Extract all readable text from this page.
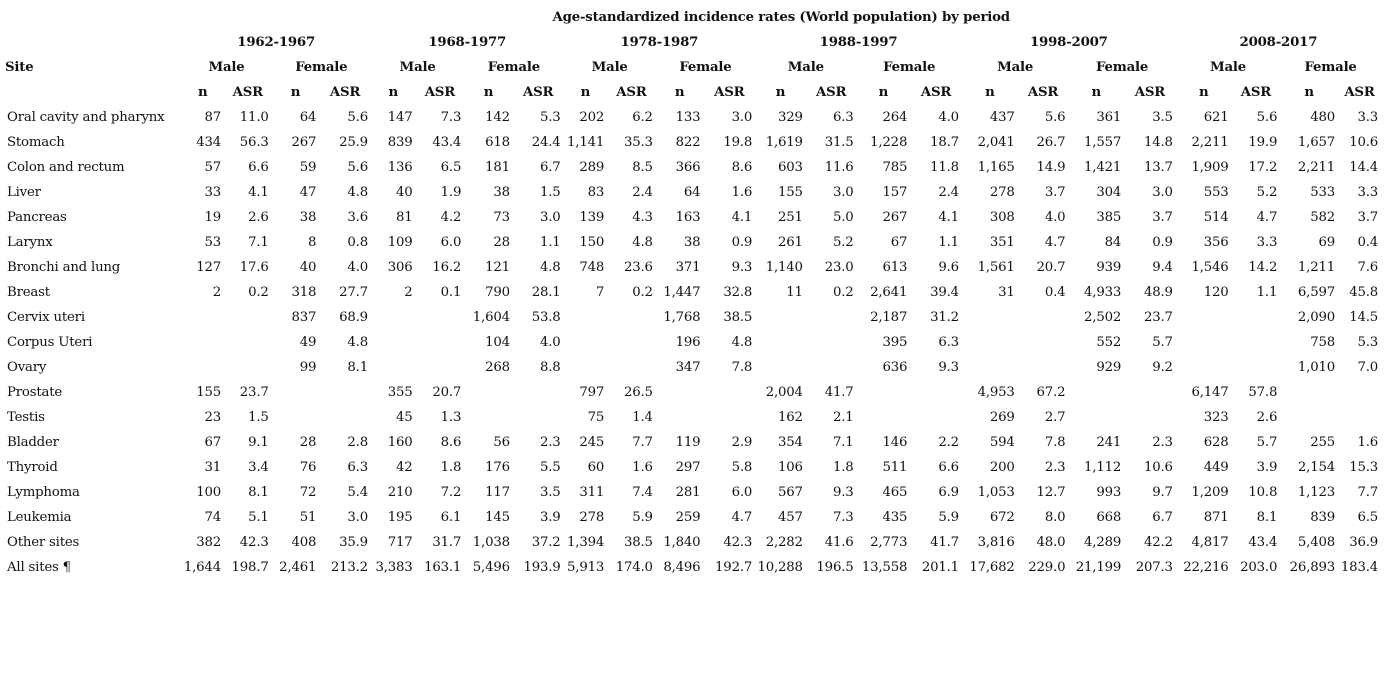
	Age-standardized incidence rates (World population) by period																							
Site	1962-1967				1968-1977				1978-1987				1988-1997				1998-2007				2008-2017			
	Male		Female		Male		Female		Male		Female		Male		Female		Male		Female		Male		Female	
	n	ASR	n	ASR	n	ASR	n	ASR	n	ASR	n	ASR	n	ASR	n	ASR	n	ASR	n	ASR	n	ASR	n	ASR
Oral cavity and pharynx	87	11.0	64	5.6	147	7.3	142	5.3	202	6.2	133	3.0	329	6.3	264	4.0	437	5.6	361	3.5	621	5.6	480	3.3
Stomach	434	56.3	267	25.9	839	43.4	618	24.4	1,141	35.3	822	19.8	1,619	31.5	1,228	18.7	2,041	26.7	1,557	14.8	2,211	19.9	1,657	10.6
Colon and rectum	57	6.6	59	5.6	136	6.5	181	6.7	289	8.5	366	8.6	603	11.6	785	11.8	1,165	14.9	1,421	13.7	1,909	17.2	2,211	14.4
Liver	33	4.1	47	4.8	40	1.9	38	1.5	83	2.4	64	1.6	155	3.0	157	2.4	278	3.7	304	3.0	553	5.2	533	3.3
Pancreas	19	2.6	38	3.6	81	4.2	73	3.0	139	4.3	163	4.1	251	5.0	267	4.1	308	4.0	385	3.7	514	4.7	582	3.7
Larynx	53	7.1	8	0.8	109	6.0	28	1.1	150	4.8	38	0.9	261	5.2	67	1.1	351	4.7	84	0.9	356	3.3	69	0.4
Bronchi and lung	127	17.6	40	4.0	306	16.2	121	4.8	748	23.6	371	9.3	1,140	23.0	613	9.6	1,561	20.7	939	9.4	1,546	14.2	1,211	7.6
Breast	2	0.2	318	27.7	2	0.1	790	28.1	7	0.2	1,447	32.8	11	0.2	2,641	39.4	31	0.4	4,933	48.9	120	1.1	6,597	45.8
Cervix uteri			837	68.9			1,604	53.8			1,768	38.5			2,187	31.2			2,502	23.7			2,090	14.5
Corpus Uteri			49	4.8			104	4.0			196	4.8			395	6.3			552	5.7			758	5.3
Ovary			99	8.1			268	8.8			347	7.8			636	9.3			929	9.2			1,010	7.0
Prostate	155	23.7			355	20.7			797	26.5			2,004	41.7			4,953	67.2			6,147	57.8		
Testis	23	1.5			45	1.3			75	1.4			162	2.1			269	2.7			323	2.6		
Bladder	67	9.1	28	2.8	160	8.6	56	2.3	245	7.7	119	2.9	354	7.1	146	2.2	594	7.8	241	2.3	628	5.7	255	1.6
Thyroid	31	3.4	76	6.3	42	1.8	176	5.5	60	1.6	297	5.8	106	1.8	511	6.6	200	2.3	1,112	10.6	449	3.9	2,154	15.3
Lymphoma	100	8.1	72	5.4	210	7.2	117	3.5	311	7.4	281	6.0	567	9.3	465	6.9	1,053	12.7	993	9.7	1,209	10.8	1,123	7.7
Leukemia	74	5.1	51	3.0	195	6.1	145	3.9	278	5.9	259	4.7	457	7.3	435	5.9	672	8.0	668	6.7	871	8.1	839	6.5
Other sites	382	42.3	408	35.9	717	31.7	1,038	37.2	1,394	38.5	1,840	42.3	2,282	41.6	2,773	41.7	3,816	48.0	4,289	42.2	4,817	43.4	5,408	36.9
All sites ¶	1,644	198.7	2,461	213.2	3,383	163.1	5,496	193.9	5,913	174.0	8,496	192.7	10,288	196.5	13,558	201.1	17,682	229.0	21,199	207.3	22,216	203.0	26,893	183.4
